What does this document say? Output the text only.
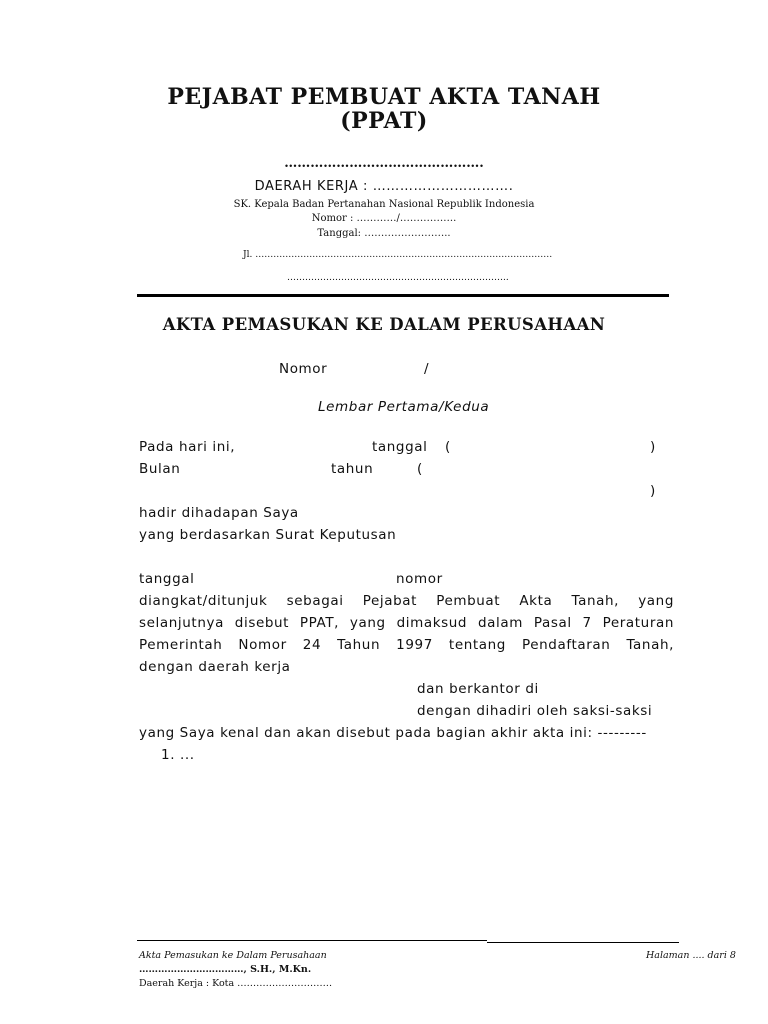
PEJABAT PEMBUAT AKTA TANAH
(PPAT)
……………………………………….
DAERAH KERJA : ………………………….
SK. Kepala Badan Pertanahan Nasional Republik Indonesia
Nomor : …………/……………..
Tanggal: ……………………..
Jl. ………………………………………………………………………………………
………………………………………………………………..
AKTA PEMASUKAN KE DALAM PERUSAHAAN
Nomor	/
Lembar Pertama/Kedua
Pada hari ini,	tanggal (	)
Bulan	tahun	(
)
hadir dihadapan Saya
yang berdasarkan Surat Keputusan
tanggal	nomor
diangkat/ditunjuk sebagai Pejabat Pembuat Akta Tanah, yang
selanjutnya disebut PPAT, yang dimaksud dalam Pasal 7 Peraturan
Pemerintah Nomor 24 Tahun 1997 tentang Pendaftaran Tanah,
dengan daerah kerja
dan berkantor di
dengan dihadiri oleh saksi-saksi
yang Saya kenal dan akan disebut pada bagian akhir akta ini: ---------
1. ...
Akta Pemasukan ke Dalam Perusahaan	Halaman .... dari 8
……………………………, S.H., M.Kn.
Daerah Kerja : Kota …………………………
